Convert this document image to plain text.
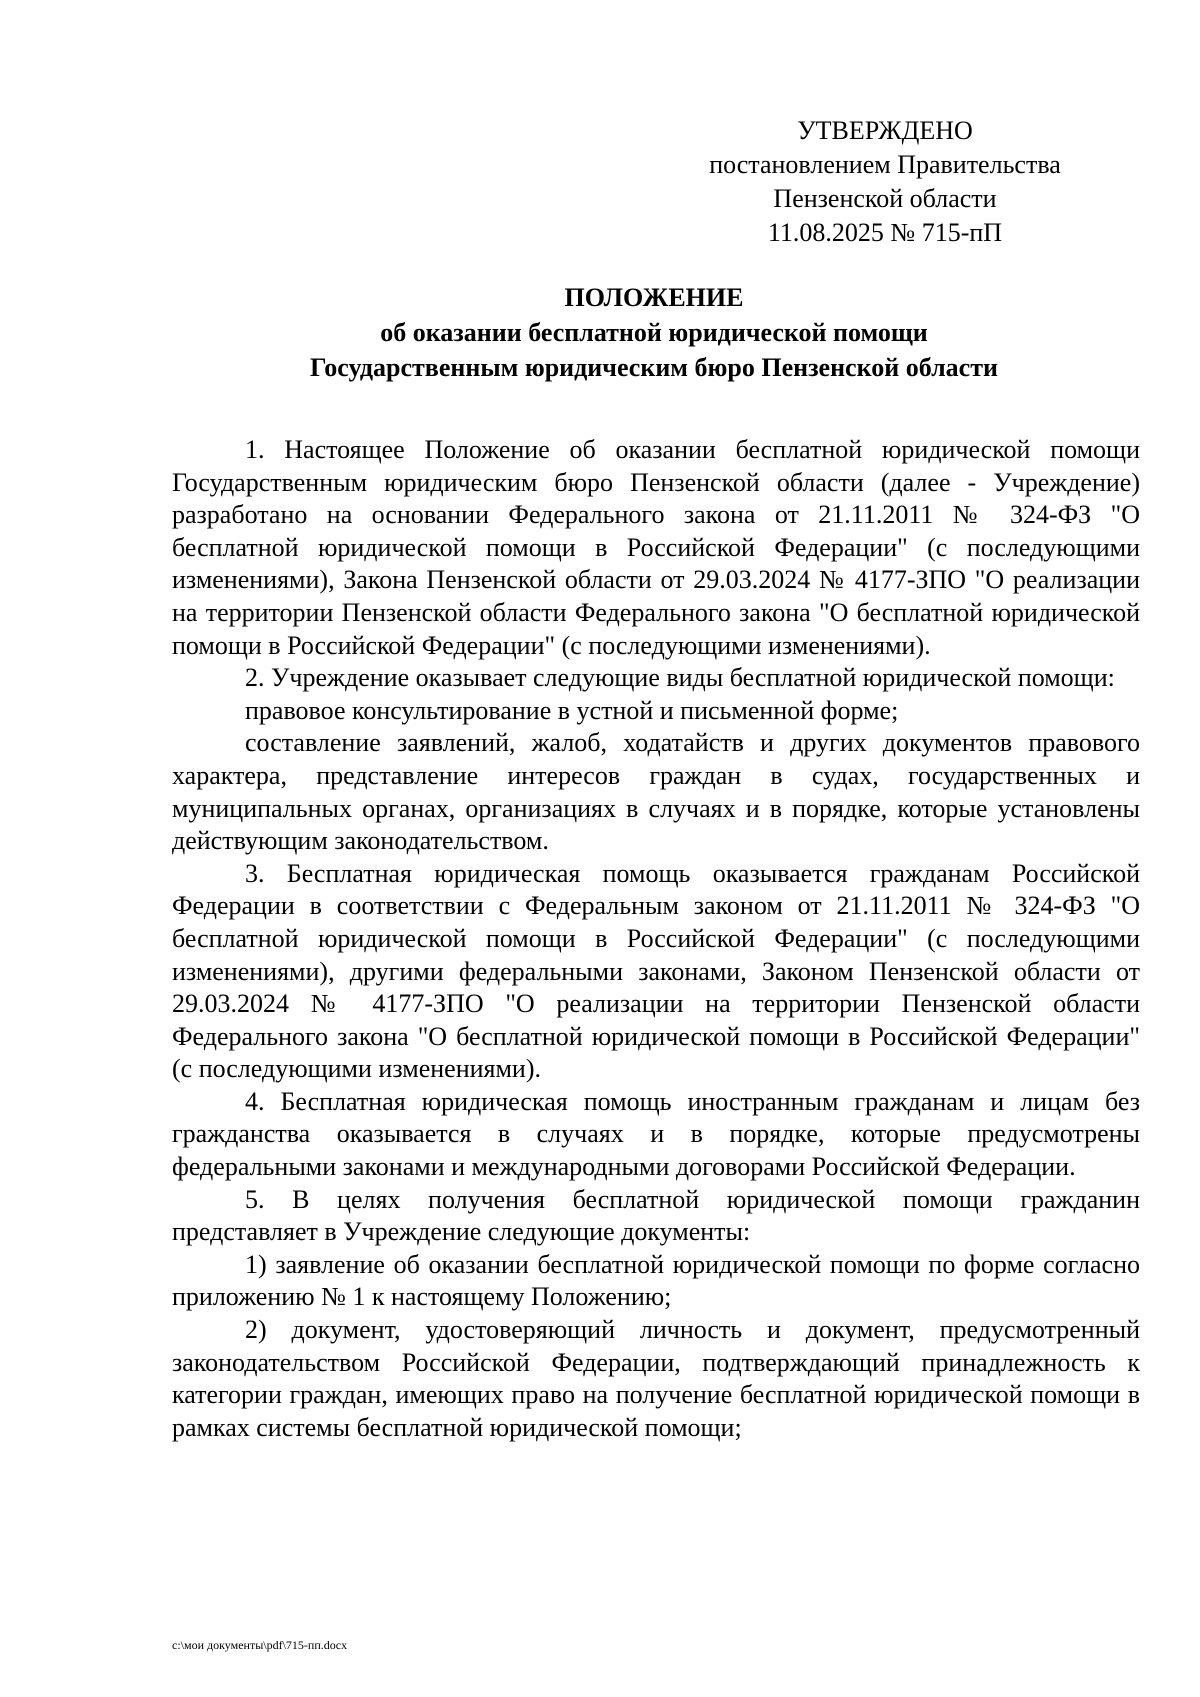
УТВЕРЖДЕНО
постановлением Правительства
Пензенской области
11.08.2025 № 715-пП
ПОЛОЖЕНИЕ
об оказании бесплатной юридической помощи
Государственным юридическим бюро Пензенской области

1. Настоящее Положение об оказании бесплатной юридической помощи Государственным юридическим бюро Пензенской области (далее - Учреждение) разработано на основании Федерального закона от 21.11.2011 № 324-ФЗ "О бесплатной юридической помощи в Российской Федерации" (с последующими изменениями), Закона Пензенской области от 29.03.2024 № 4177-ЗПО "О реализации на территории Пензенской области Федерального закона "О бесплатной юридической помощи в Российской Федерации" (с последующими изменениями).

2. Учреждение оказывает следующие виды бесплатной юридической помощи:

правовое консультирование в устной и письменной форме;

составление заявлений, жалоб, ходатайств и других документов правового характера, представление интересов граждан в судах, государственных и муниципальных органах, организациях в случаях и в порядке, которые установлены действующим законодательством.

3. Бесплатная юридическая помощь оказывается гражданам Российской Федерации в соответствии с Федеральным законом от 21.11.2011 № 324-ФЗ "О бесплатной юридической помощи в Российской Федерации" (с последующими изменениями), другими федеральными законами, Законом Пензенской области от 29.03.2024 № 4177-ЗПО "О реализации на территории Пензенской области Федерального закона "О бесплатной юридической помощи в Российской Федерации" (с последующими изменениями).

4. Бесплатная юридическая помощь иностранным гражданам и лицам без гражданства оказывается в случаях и в порядке, которые предусмотрены федеральными законами и международными договорами Российской Федерации.

5. В целях получения бесплатной юридической помощи гражданин представляет в Учреждение следующие документы:

1) заявление об оказании бесплатной юридической помощи по форме согласно приложению № 1 к настоящему Положению;

2) документ, удостоверяющий личность и документ, предусмотренный законодательством Российской Федерации, подтверждающий принадлежность к категории граждан, имеющих право на получение бесплатной юридической помощи в рамках системы бесплатной юридической помощи;

c:\мои документы\pdf\715-пп.docx
